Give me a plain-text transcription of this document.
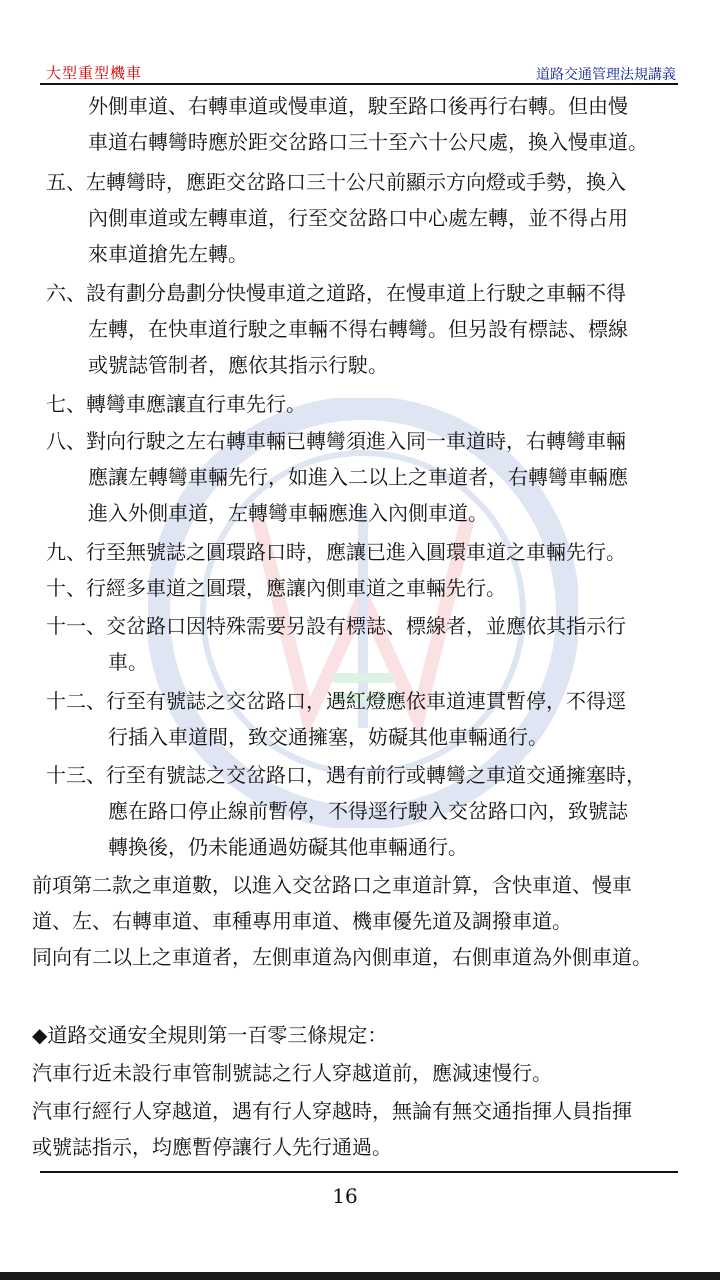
大型重型機車	道路交通管理法規講義
外側車道、右轉車道或慢車道，駛至路口後再行右轉。但由慢
車道右轉彎時應於距交岔路口三十至六十公尺處，換入慢車道。
五、左轉彎時，應距交岔路口三十公尺前顯示方向燈或手勢，換入
內側車道或左轉車道，行至交岔路口中心處左轉，並不得占用
來車道搶先左轉。
六、設有劃分島劃分快慢車道之道路，在慢車道上行駛之車輛不得
左轉，在快車道行駛之車輛不得右轉彎。但另設有標誌、標線
或號誌管制者，應依其指示行駛。
七、轉彎車應讓直行車先行。
八、對向行駛之左右轉車輛已轉彎須進入同一車道時，右轉彎車輛
應讓左轉彎車輛先行，如進入二以上之車道者，右轉彎車輛應
進入外側車道，左轉彎車輛應進入內側車道。
九、行至無號誌之圓環路口時，應讓已進入圓環車道之車輛先行。
十、行經多車道之圓環，應讓內側車道之車輛先行。
十一、交岔路口因特殊需要另設有標誌、標線者，並應依其指示行
車。
十二、行至有號誌之交岔路口，遇紅燈應依車道連貫暫停，不得逕
行插入車道間，致交通擁塞，妨礙其他車輛通行。
十三、行至有號誌之交岔路口，遇有前行或轉彎之車道交通擁塞時，
應在路口停止線前暫停，不得逕行駛入交岔路口內，致號誌
轉換後，仍未能通過妨礙其他車輛通行。
前項第二款之車道數，以進入交岔路口之車道計算，含快車道、慢車
道、左、右轉車道、車種專用車道、機車優先道及調撥車道。
同向有二以上之車道者，左側車道為內側車道，右側車道為外側車道。
◆道路交通安全規則第一百零三條規定：
汽車行近未設行車管制號誌之行人穿越道前，應減速慢行。
汽車行經行人穿越道，遇有行人穿越時，無論有無交通指揮人員指揮
或號誌指示，均應暫停讓行人先行通過。
16
